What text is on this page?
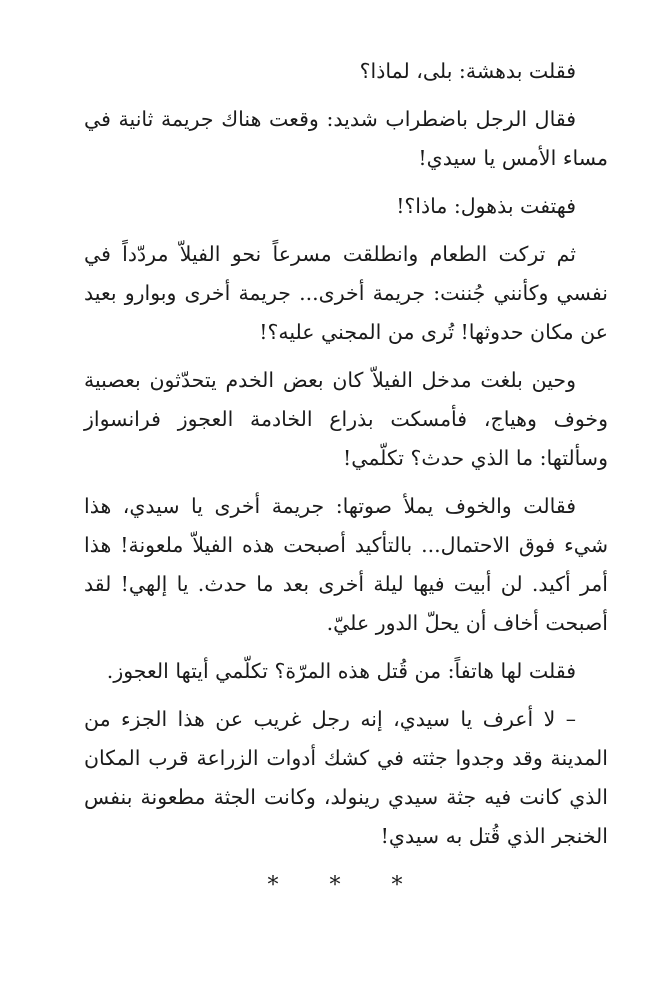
فقلت بدهشة: بلى، لماذا؟

فقال الرجل باضطراب شديد: وقعت هناك جريمة ثانية في مساء الأمس يا سيدي!

فهتفت بذهول: ماذا؟!

ثم تركت الطعام وانطلقت مسرعاً نحو الفيلاّ مردّداً في نفسي وكأنني جُننت: جريمة أخرى... جريمة أخرى وبوارو بعيد عن مكان حدوثها! تُرى من المجني عليه؟!

وحين بلغت مدخل الفيلاّ كان بعض الخدم يتحدّثون بعصبية وخوف وهياج، فأمسكت بذراع الخادمة العجوز فرانسواز وسألتها: ما الذي حدث؟ تكلّمي!

فقالت والخوف يملأ صوتها: جريمة أخرى يا سيدي، هذا شيء فوق الاحتمال... بالتأكيد أصبحت هذه الفيلاّ ملعونة! هذا أمر أكيد. لن أبيت فيها ليلة أخرى بعد ما حدث. يا إلهي! لقد أصبحت أخاف أن يحلّ الدور عليّ.

فقلت لها هاتفاً: من قُتل هذه المرّة؟ تكلّمي أيتها العجوز.

– لا أعرف يا سيدي، إنه رجل غريب عن هذا الجزء من المدينة وقد وجدوا جثته في كشك أدوات الزراعة قرب المكان الذي كانت فيه جثة سيدي رينولد، وكانت الجثة مطعونة بنفس الخنجر الذي قُتل به سيدي!

* * *
